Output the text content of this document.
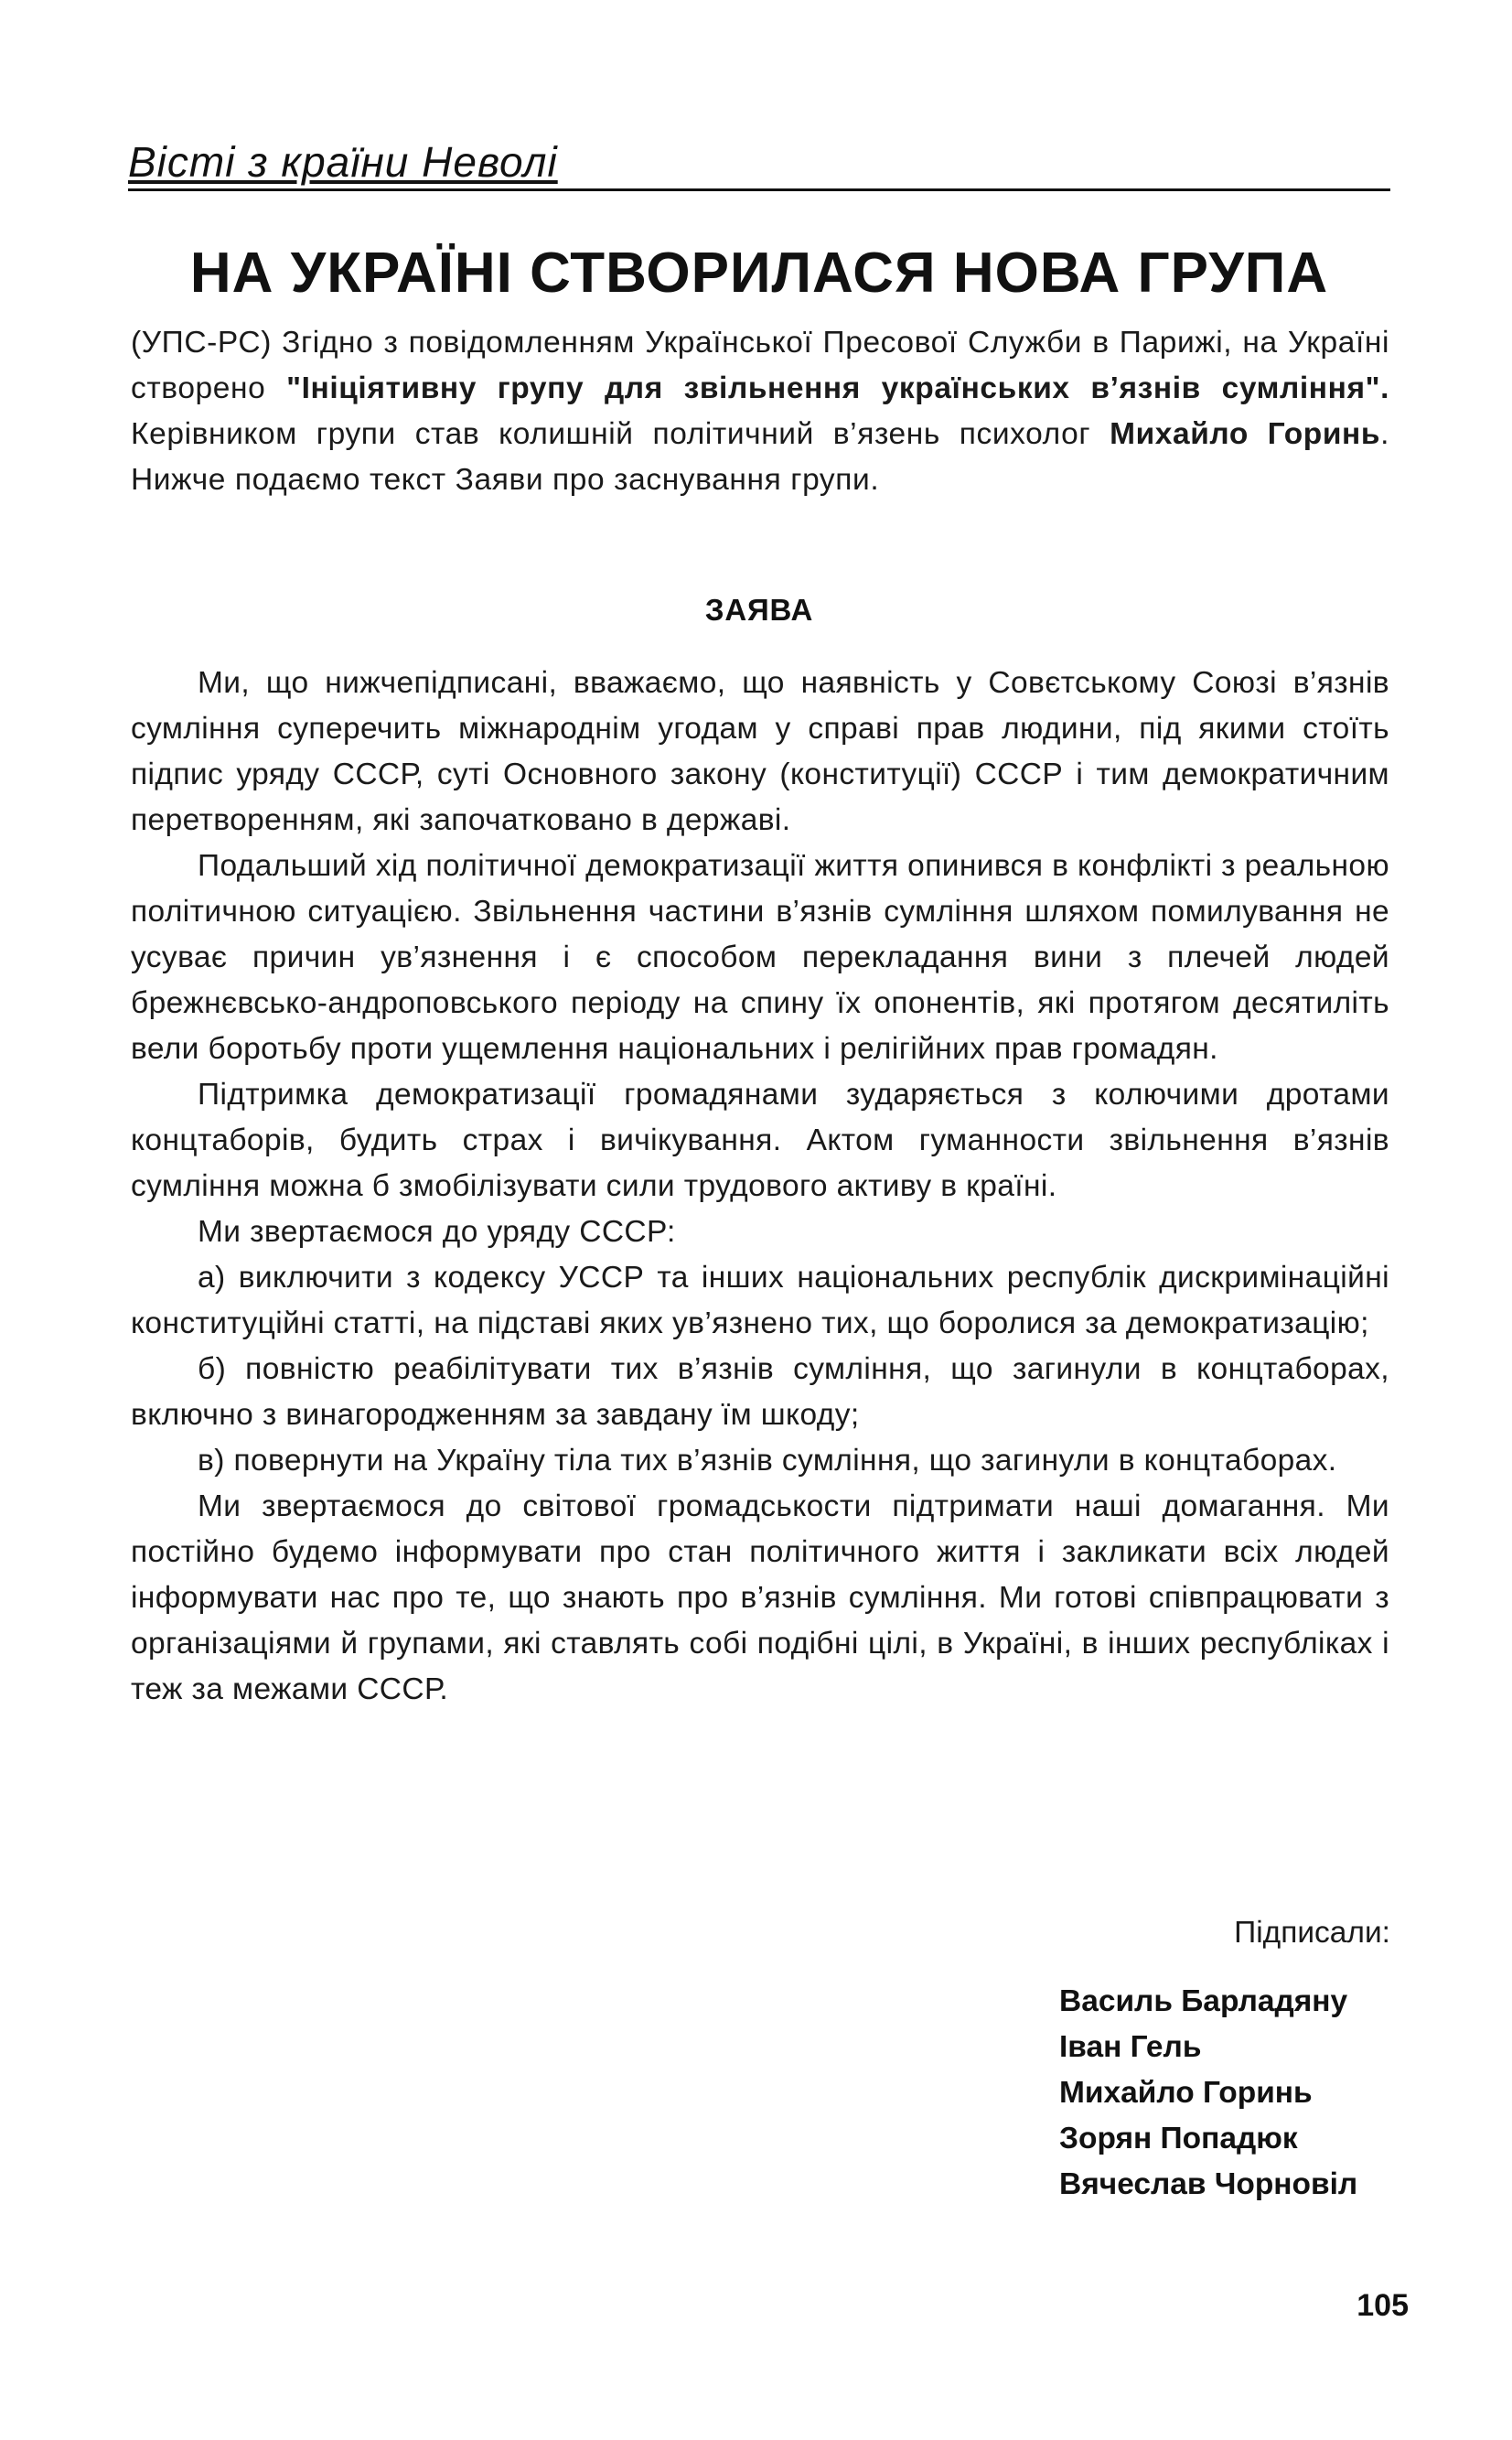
Вісті з країни Неволі
НА УКРАЇНІ СТВОРИЛАСЯ НОВА ГРУПА

(УПС-РС) Згідно з повідомленням Української Пресової Служби в Парижі, на Україні створено "Ініціятивну групу для звільнення українських в’язнів сумління". Керівником групи став колишній політичний в’язень психолог Михайло Горинь. Нижче подаємо текст Заяви про заснування групи.

ЗАЯВА

Ми, що нижчепідписані, вважаємо, що наявність у Совєтському Союзі в’язнів сумління суперечить міжнароднім угодам у справі прав людини, під якими стоїть підпис уряду СССР, суті Основного закону (конституції) СССР і тим демократичним перетворенням, які започатковано в державі.

Подальший хід політичної демократизації життя опинився в конфлікті з реальною політичною ситуацією. Звільнення частини в’язнів сумління шляхом помилування не усуває причин ув’язнення і є способом перекладання вини з плечей людей брежнєвсько-андроповського періоду на спину їх опонентів, які протягом десятиліть вели боротьбу проти ущемлення національних і релігійних прав громадян.

Підтримка демократизації громадянами зударяється з колючими дротами концтаборів, будить страх і вичікування. Актом гуманности звільнення в’язнів сумління можна б змобілізувати сили трудового активу в країні.

Ми звертаємося до уряду СССР:

а) виключити з кодексу УССР та інших національних республік дискримінаційні конституційні статті, на підставі яких ув’язнено тих, що боролися за демократизацію;

б) повністю реабілітувати тих в’язнів сумління, що загинули в концтаборах, включно з винагородженням за завдану їм шкоду;

в) повернути на Україну тіла тих в’язнів сумління, що загинули в концтаборах.

Ми звертаємося до світової громадськости підтримати наші домагання. Ми постійно будемо інформувати про стан політичного життя і закликати всіх людей інформувати нас про те, що знають про в’язнів сумління. Ми готові співпрацювати з організаціями й групами, які ставлять собі подібні цілі, в Україні, в інших республіках і теж за межами СССР.

Підписали:
Василь Барладяну
Іван Гель
Михайло Горинь
Зорян Попадюк
Вячеслав Чорновіл
105
